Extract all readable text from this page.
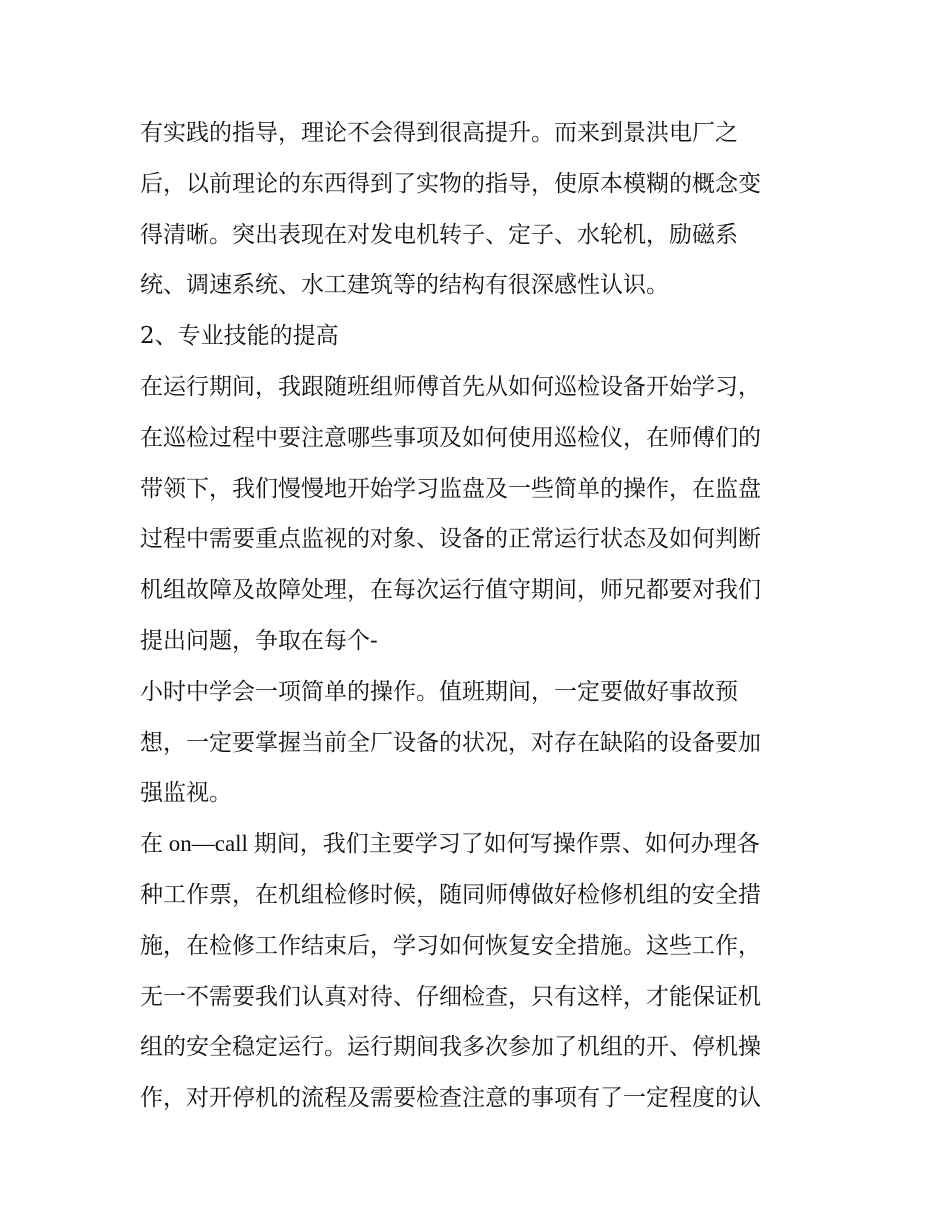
有实践的指导，理论不会得到很高提升。而来到景洪电厂之
后，以前理论的东西得到了实物的指导，使原本模糊的概念变
得清晰。突出表现在对发电机转子、定子、水轮机，励磁系
统、调速系统、水工建筑等的结构有很深感性认识。
2、专业技能的提高
在运行期间，我跟随班组师傅首先从如何巡检设备开始学习，
在巡检过程中要注意哪些事项及如何使用巡检仪，在师傅们的
带领下，我们慢慢地开始学习监盘及一些简单的操作，在监盘
过程中需要重点监视的对象、设备的正常运行状态及如何判断
机组故障及故障处理，在每次运行值守期间，师兄都要对我们
提出问题，争取在每个-
小时中学会一项简单的操作。值班期间，一定要做好事故预
想，一定要掌握当前全厂设备的状况，对存在缺陷的设备要加
强监视。
在 on—call 期间，我们主要学习了如何写操作票、如何办理各
种工作票，在机组检修时候，随同师傅做好检修机组的安全措
施，在检修工作结束后，学习如何恢复安全措施。这些工作，
无一不需要我们认真对待、仔细检查，只有这样，才能保证机
组的安全稳定运行。运行期间我多次参加了机组的开、停机操
作，对开停机的流程及需要检查注意的事项有了一定程度的认
